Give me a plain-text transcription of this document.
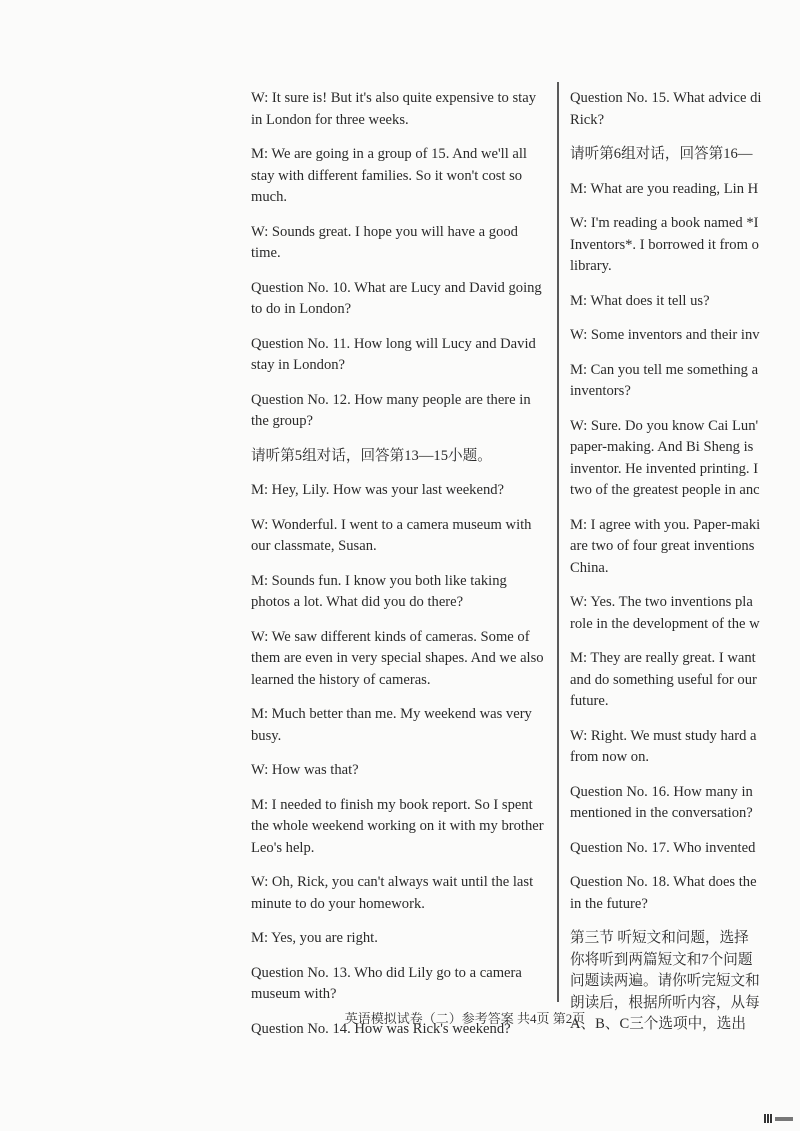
W: It sure is! But it's also quite expensive to stay in London for three weeks.

M: We are going in a group of 15. And we'll all stay with different families. So it won't cost so much.

W: Sounds great. I hope you will have a good time.

Question No. 10. What are Lucy and David going to do in London?

Question No. 11. How long will Lucy and David stay in London?

Question No. 12. How many people are there in the group?

请听第5组对话，回答第13—15小题。

M: Hey, Lily. How was your last weekend?

W: Wonderful. I went to a camera museum with our classmate, Susan.

M: Sounds fun. I know you both like taking photos a lot. What did you do there?

W: We saw different kinds of cameras. Some of them are even in very special shapes. And we also learned the history of cameras.

M: Much better than me. My weekend was very busy.

W: How was that?

M: I needed to finish my book report. So I spent the whole weekend working on it with my brother Leo's help.

W: Oh, Rick, you can't always wait until the last minute to do your homework.

M: Yes, you are right.

Question No. 13. Who did Lily go to a camera museum with?

Question No. 14. How was Rick's weekend?

Question No. 15. What advice di
Rick?

请听第6组对话，回答第16—

M: What are you reading, Lin H

W: I'm reading a book named *I
Inventors*. I borrowed it from o
library.

M: What does it tell us?

W: Some inventors and their inv

M: Can you tell me something a
inventors?

W: Sure. Do you know Cai Lun'
paper-making. And Bi Sheng is
inventor. He invented printing. I
two of the greatest people in anc

M: I agree with you. Paper-maki
are two of four great inventions
China.

W: Yes. The two inventions pla
role in the development of the w

M: They are really great. I want
and do something useful for our
future.

W: Right. We must study hard a
from now on.

Question No. 16. How many in
mentioned in the conversation?

Question No. 17. Who invented

Question No. 18. What does the
in the future?

第三节 听短文和问题，选择
你将听到两篇短文和7个问题
问题读两遍。请你听完短文和
朗读后，根据所听内容，从每
A、B、C三个选项中，选出

英语模拟试卷（二）参考答案 共4页 第2页
